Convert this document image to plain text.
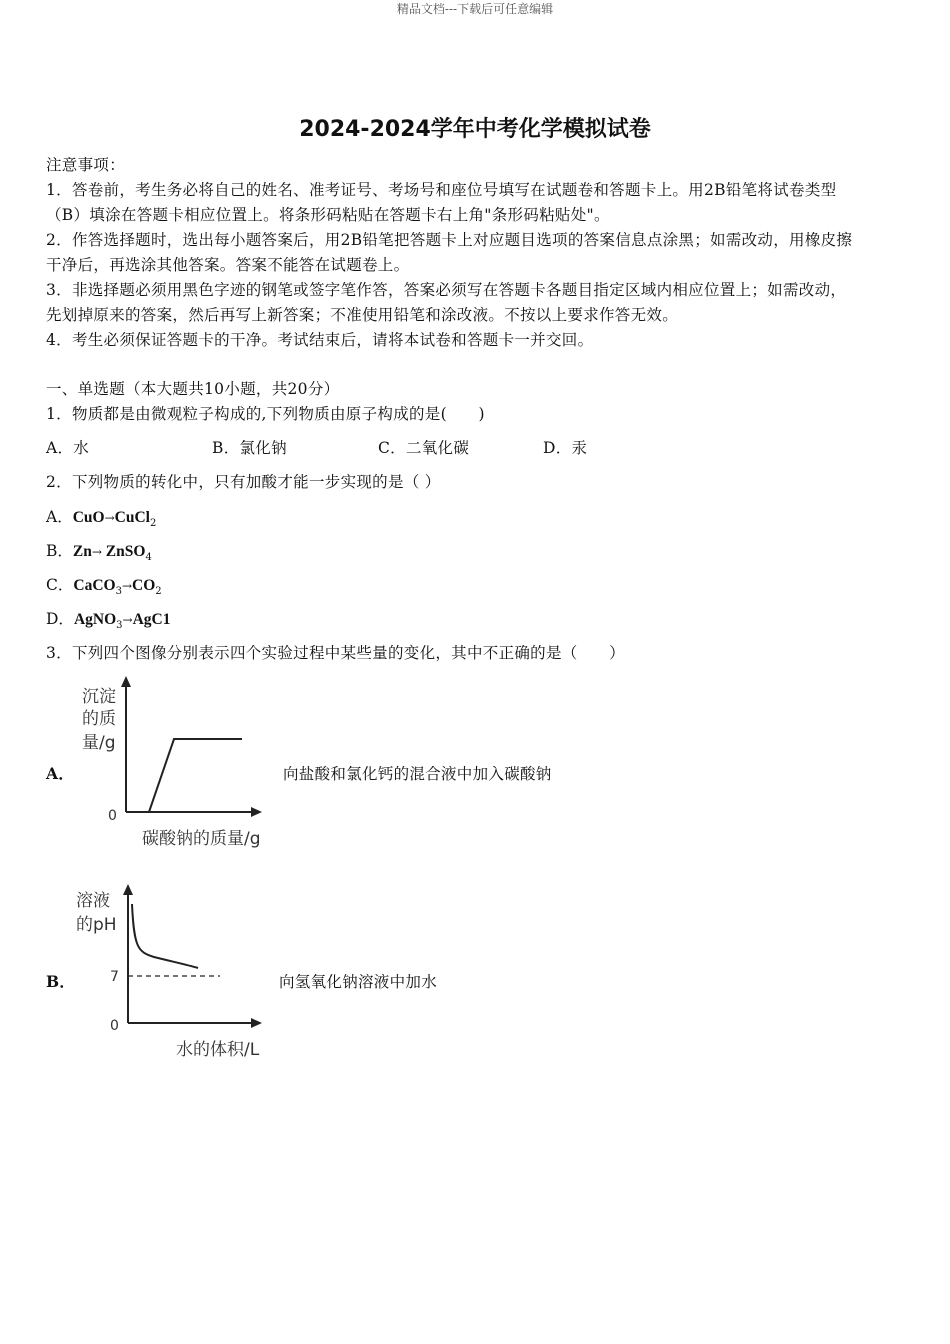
精品文档---下载后可任意编辑
2024-2024学年中考化学模拟试卷
注意事项：
1．答卷前，考生务必将自己的姓名、准考证号、考场号和座位号填写在试题卷和答题卡上。用2B铅笔将试卷类型
（B）填涂在答题卡相应位置上。将条形码粘贴在答题卡右上角"条形码粘贴处"。
2．作答选择题时，选出每小题答案后，用2B铅笔把答题卡上对应题目选项的答案信息点涂黑；如需改动，用橡皮擦
干净后，再选涂其他答案。答案不能答在试题卷上。
3．非选择题必须用黑色字迹的钢笔或签字笔作答，答案必须写在答题卡各题目指定区域内相应位置上；如需改动，
先划掉原来的答案，然后再写上新答案；不准使用铅笔和涂改液。不按以上要求作答无效。
4．考生必须保证答题卡的干净。考试结束后，请将本试卷和答题卡一并交回。
一、单选题（本大题共10小题，共20分）
1．物质都是由微观粒子构成的,下列物质由原子构成的是(　　)
A．水	B．氯化钠	C．二氧化碳	D．汞
2．下列物质的转化中，只有加酸才能一步实现的是（ ）
A．CuO→CuCl$_2$
B．Zn→ ZnSO$_4$
C．$CaCO_3\to CO_2$
D．AgNO$_3$→AgC1
3．下列四个图像分别表示四个实验过程中某些量的变化，其中不正确的是（　　）
A．
沉淀
的质
量/g
0
碳酸钠的质量/g
向盐酸和氯化钙的混合液中加入碳酸钠
B．
溶液
的pH
7
0
水的体积/L
向氢氧化钠溶液中加水
